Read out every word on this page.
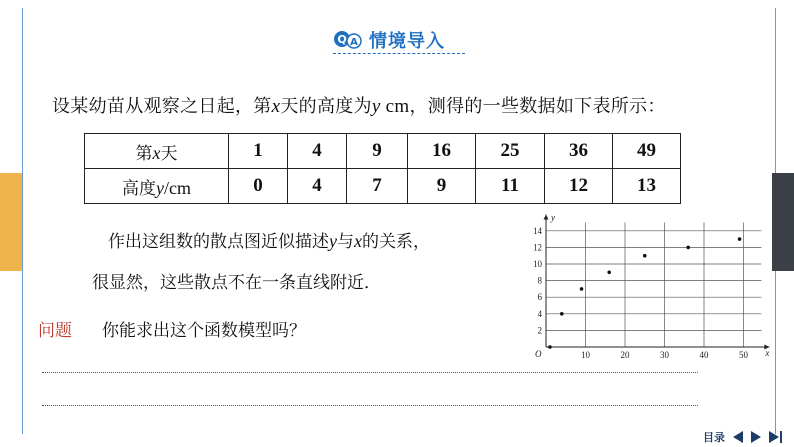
Q A 情境导入
设某幼苗从观察之日起，第x天的高度为y cm，测得的一些数据如下表所示：
第x天	1	4	9	16	25	36	49
高度y/cm	0	4	7	9	11	12	13
作出这组数的散点图近似描述y与x的关系，
很显然，这些散点不在一条直线附近．
问题 你能求出这个函数模型吗？
10	20	30	40	50
2
4
6
8
10
12
14
O	x
y
目录
